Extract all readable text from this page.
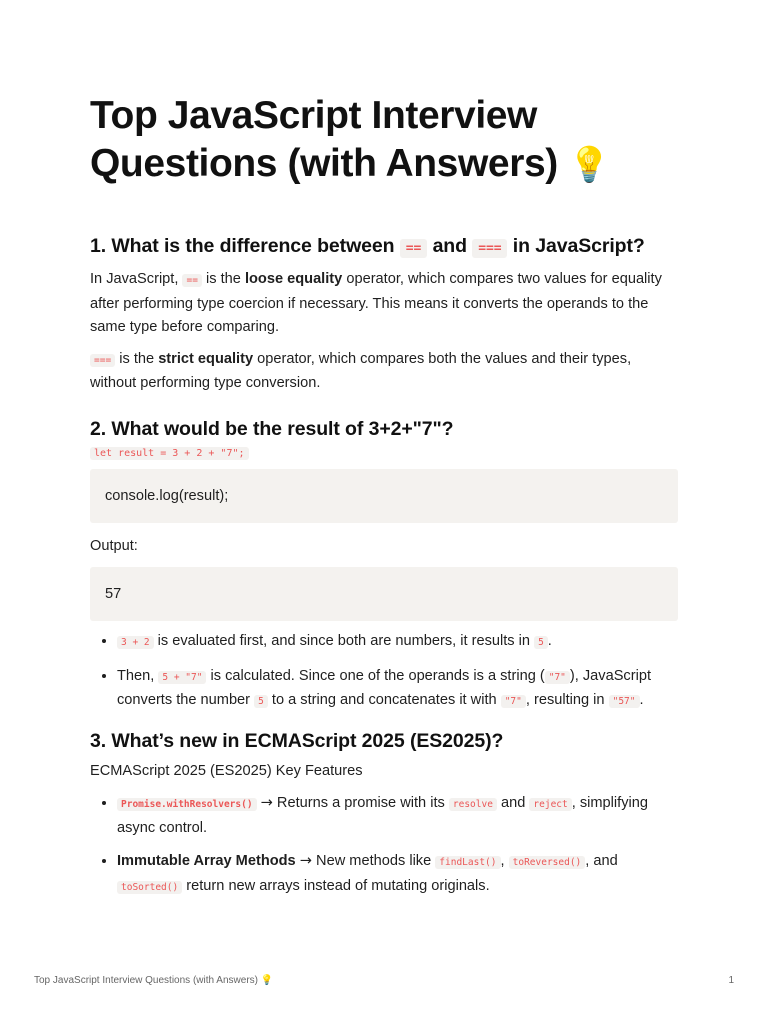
Top JavaScript Interview Questions (with Answers) 💡
1. What is the difference between == and === in JavaScript?

In JavaScript, == is the loose equality operator, which compares two values for equality after performing type coercion if necessary. This means it converts the operands to the same type before comparing.

=== is the strict equality operator, which compares both the values and their types, without performing type conversion.

2. What would be the result of 3+2+"7"?
let result = 3 + 2 + "7";
console.log(result);

Output:

57
• 3 + 2 is evaluated first, and since both are numbers, it results in 5 .
• Then, 5 + "7" is calculated. Since one of the operands is a string ( "7" ), JavaScript converts the number 5 to a string and concatenates it with "7" , resulting in "57" .
3. What’s new in ECMAScript 2025 (ES2025)?

ECMAScript 2025 (ES2025) Key Features

• Promise.withResolvers() → Returns a promise with its resolve and reject , simplifying async control.
• Immutable Array Methods → New methods like findLast() , toReversed() , and toSorted() return new arrays instead of mutating originals.
Top JavaScript Interview Questions (with Answers) 💡	1
